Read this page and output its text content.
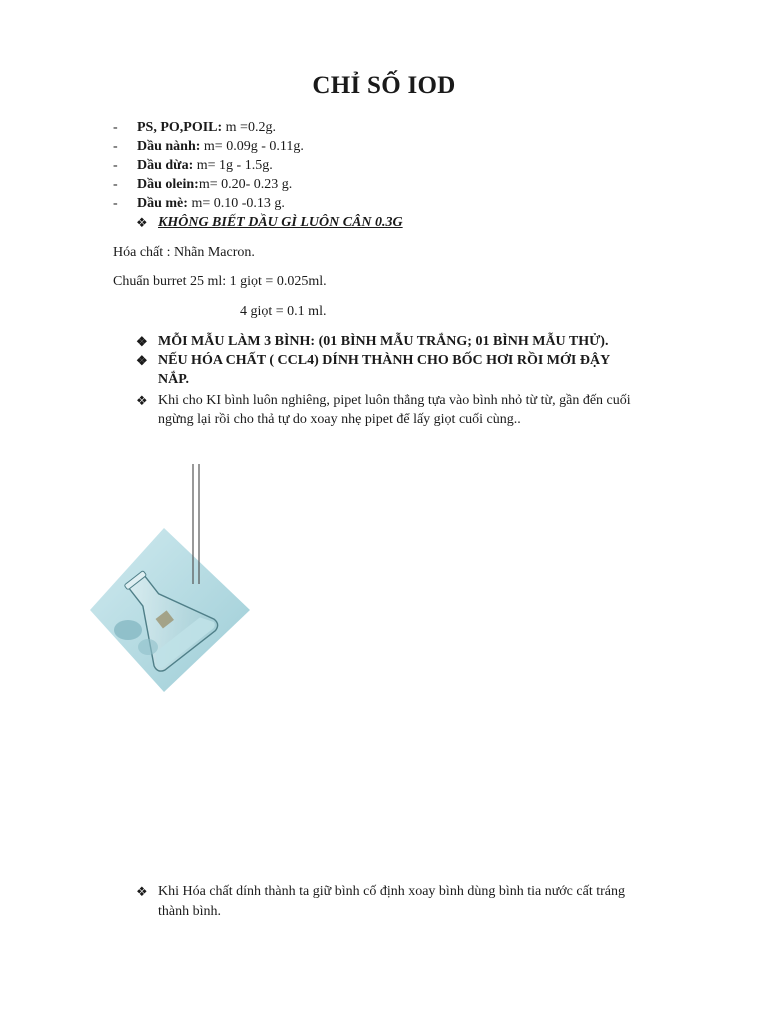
CHỈ SỐ IOD
- PS, PO,POIL: m =0.2g.
- Dầu nành: m= 0.09g - 0.11g.
- Dầu dừa: m= 1g - 1.5g.
- Dầu olein:m= 0.20- 0.23 g.
- Dầu mè: m= 0.10 -0.13 g.
❖ KHÔNG BIẾT DẦU GÌ LUÔN CÂN 0.3G
Hóa chất : Nhãn Macron.
Chuẩn burret 25 ml: 1 giọt = 0.025ml.
4 giọt = 0.1 ml.
❖ MỖI MẪU LÀM 3 BÌNH: (01 BÌNH MẪU TRẮNG; 01 BÌNH MẪU THỬ).
❖ NẾU HÓA CHẤT ( CCL4) DÍNH THÀNH CHO BỐC HƠI RỒI MỚI ĐẬY
NẮP.
❖ Khi cho KI bình luôn nghiêng, pipet luôn thẳng tựa vào bình nhỏ từ từ, gần đến cuối
ngừng lại rồi cho thả tự do xoay nhẹ pipet để lấy giọt cuối cùng..
❖ Khi Hóa chất dính thành ta giữ bình cố định xoay bình dùng bình tia nước cất tráng
thành bình.
